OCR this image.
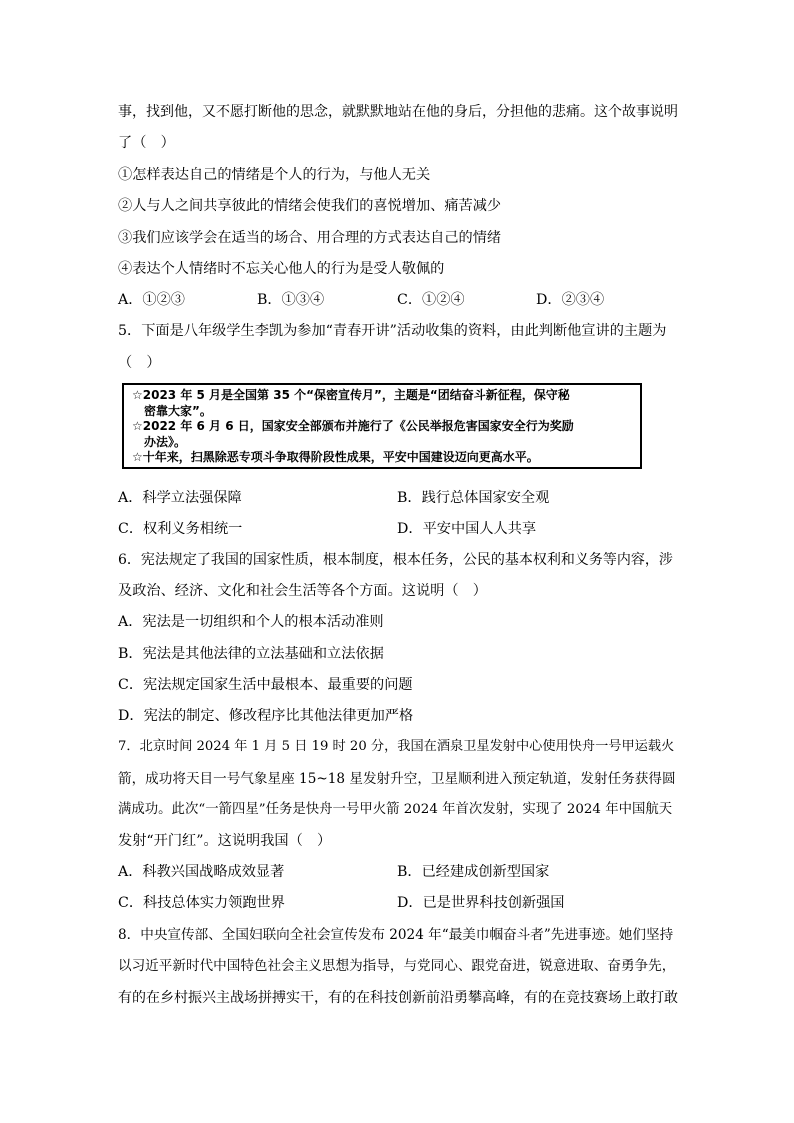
事，找到他，又不愿打断他的思念，就默默地站在他的身后，分担他的悲痛。这个故事说明
了（　）
①怎样表达自己的情绪是个人的行为，与他人无关
②人与人之间共享彼此的情绪会使我们的喜悦增加、痛苦减少
③我们应该学会在适当的场合、用合理的方式表达自己的情绪
④表达个人情绪时不忘关心他人的行为是受人敬佩的
A．①②③	B．①③④	C．①②④	D．②③④
5．下面是八年级学生李凯为参加“青春开讲”活动收集的资料，由此判断他宣讲的主题为
（　）
☆2023 年 5 月是全国第 35 个“保密宣传月”，主题是“团结奋斗新征程，保守秘
密靠大家”。
☆2022 年 6 月 6 日，国家安全部颁布并施行了《公民举报危害国家安全行为奖励
办法》。
☆十年来，扫黑除恶专项斗争取得阶段性成果，平安中国建设迈向更高水平。
A．科学立法强保障	B．践行总体国家安全观
C．权利义务相统一	D．平安中国人人共享
6．宪法规定了我国的国家性质，根本制度，根本任务，公民的基本权利和义务等内容，涉
及政治、经济、文化和社会生活等各个方面。这说明（　）
A．宪法是一切组织和个人的根本活动准则
B．宪法是其他法律的立法基础和立法依据
C．宪法规定国家生活中最根本、最重要的问题
D．宪法的制定、修改程序比其他法律更加严格
7．北京时间 2024 年 1 月 5 日 19 时 20 分，我国在酒泉卫星发射中心使用快舟一号甲运载火
箭，成功将天目一号气象星座 15~18 星发射升空，卫星顺利进入预定轨道，发射任务获得圆
满成功。此次“一箭四星”任务是快舟一号甲火箭 2024 年首次发射，实现了 2024 年中国航天
发射“开门红”。这说明我国（　）
A．科教兴国战略成效显著	B．已经建成创新型国家
C．科技总体实力领跑世界	D．已是世界科技创新强国
8．中央宣传部、全国妇联向全社会宣传发布 2024 年“最美巾帼奋斗者”先进事迹。她们坚持
以习近平新时代中国特色社会主义思想为指导，与党同心、跟党奋进，锐意进取、奋勇争先，
有的在乡村振兴主战场拼搏实干，有的在科技创新前沿勇攀高峰，有的在竞技赛场上敢打敢
